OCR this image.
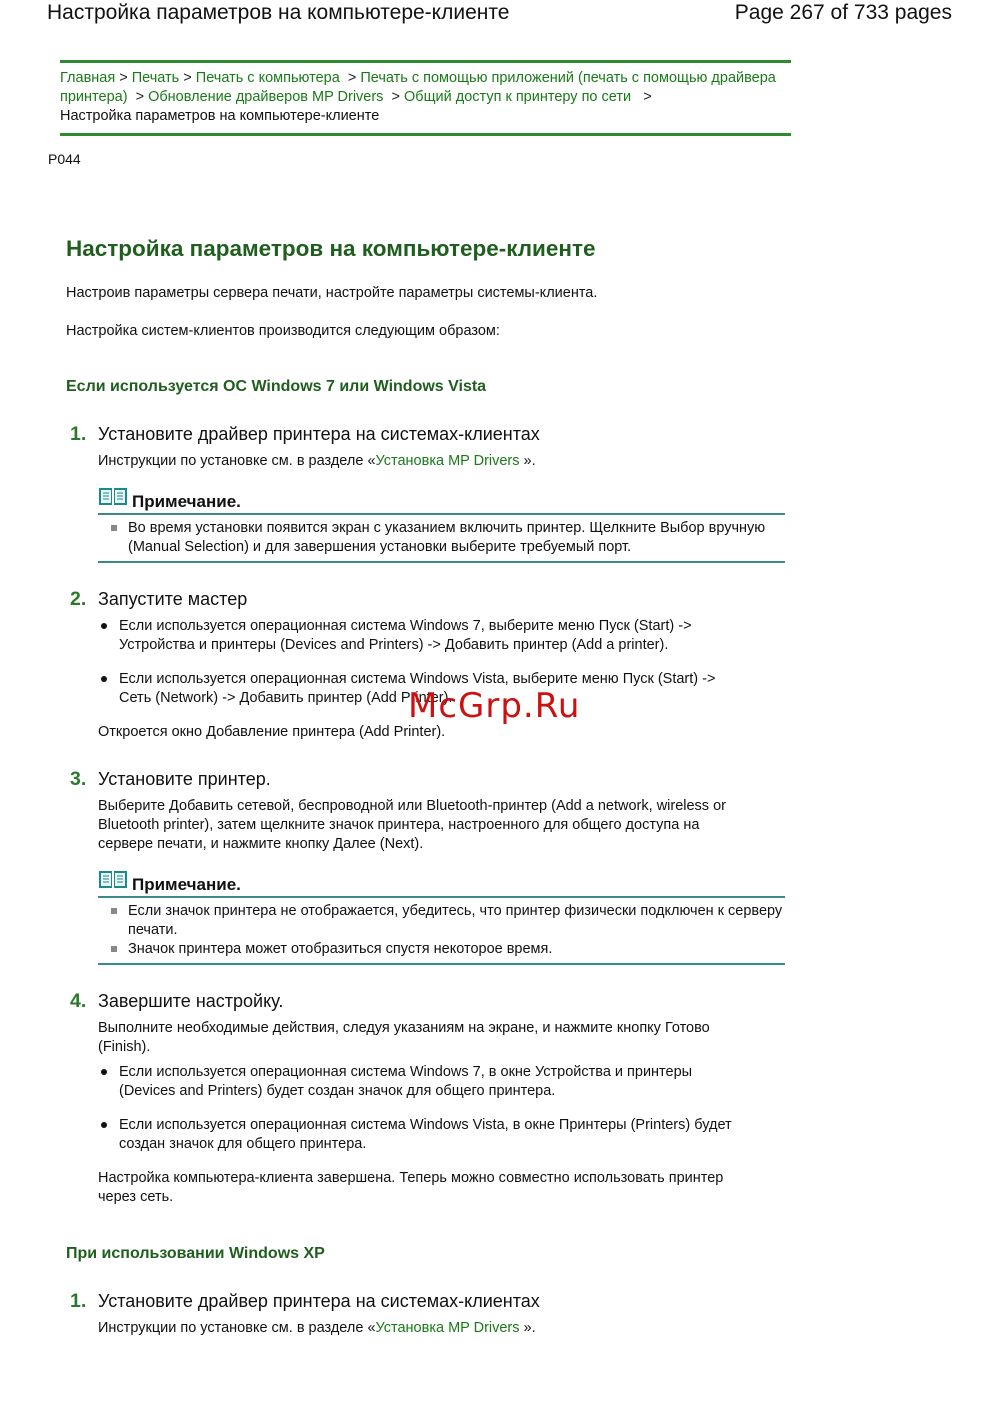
Настройка параметров на компьютере-клиенте	Page 267 of 733 pages
Главная > Печать > Печать с компьютера > Печать с помощью приложений (печать с помощью драйвера принтера) > Обновление драйверов MP Drivers > Общий доступ к принтеру по сети >
Настройка параметров на компьютере-клиенте
P044
Настройка параметров на компьютере-клиенте

Настроив параметры сервера печати, настройте параметры системы-клиента.

Настройка систем-клиентов производится следующим образом:

Если используется ОС Windows 7 или Windows Vista
1. Установите драйвер принтера на системах-клиентах

Инструкции по установке см. в разделе «Установка MP Drivers ».
Примечание.
Во время установки появится экран с указанием включить принтер. Щелкните Выбор вручную (Manual Selection) и для завершения установки выберите требуемый порт.
2. Запустите мастер

Если используется операционная система Windows 7, выберите меню Пуск (Start) -> Устройства и принтеры (Devices and Printers) -> Добавить принтер (Add a printer).
Если используется операционная система Windows Vista, выберите меню Пуск (Start) -> Сеть (Network) -> Добавить принтер (Add Printer).
Откроется окно Добавление принтера (Add Printer).
3. Установите принтер.

Выберите Добавить сетевой, беспроводной или Bluetooth-принтер (Add a network, wireless or Bluetooth printer), затем щелкните значок принтера, настроенного для общего доступа на сервере печати, и нажмите кнопку Далее (Next).
Примечание.
Если значок принтера не отображается, убедитесь, что принтер физически подключен к серверу печати.
Значок принтера может отобразиться спустя некоторое время.
4. Завершите настройку.

Выполните необходимые действия, следуя указаниям на экране, и нажмите кнопку Готово (Finish).
Если используется операционная система Windows 7, в окне Устройства и принтеры (Devices and Printers) будет создан значок для общего принтера.
Если используется операционная система Windows Vista, в окне Принтеры (Printers) будет создан значок для общего принтера.
Настройка компьютера-клиента завершена. Теперь можно совместно использовать принтер через сеть.
При использовании Windows XP
1. Установите драйвер принтера на системах-клиентах

Инструкции по установке см. в разделе «Установка MP Drivers ».
McGrp.Ru
